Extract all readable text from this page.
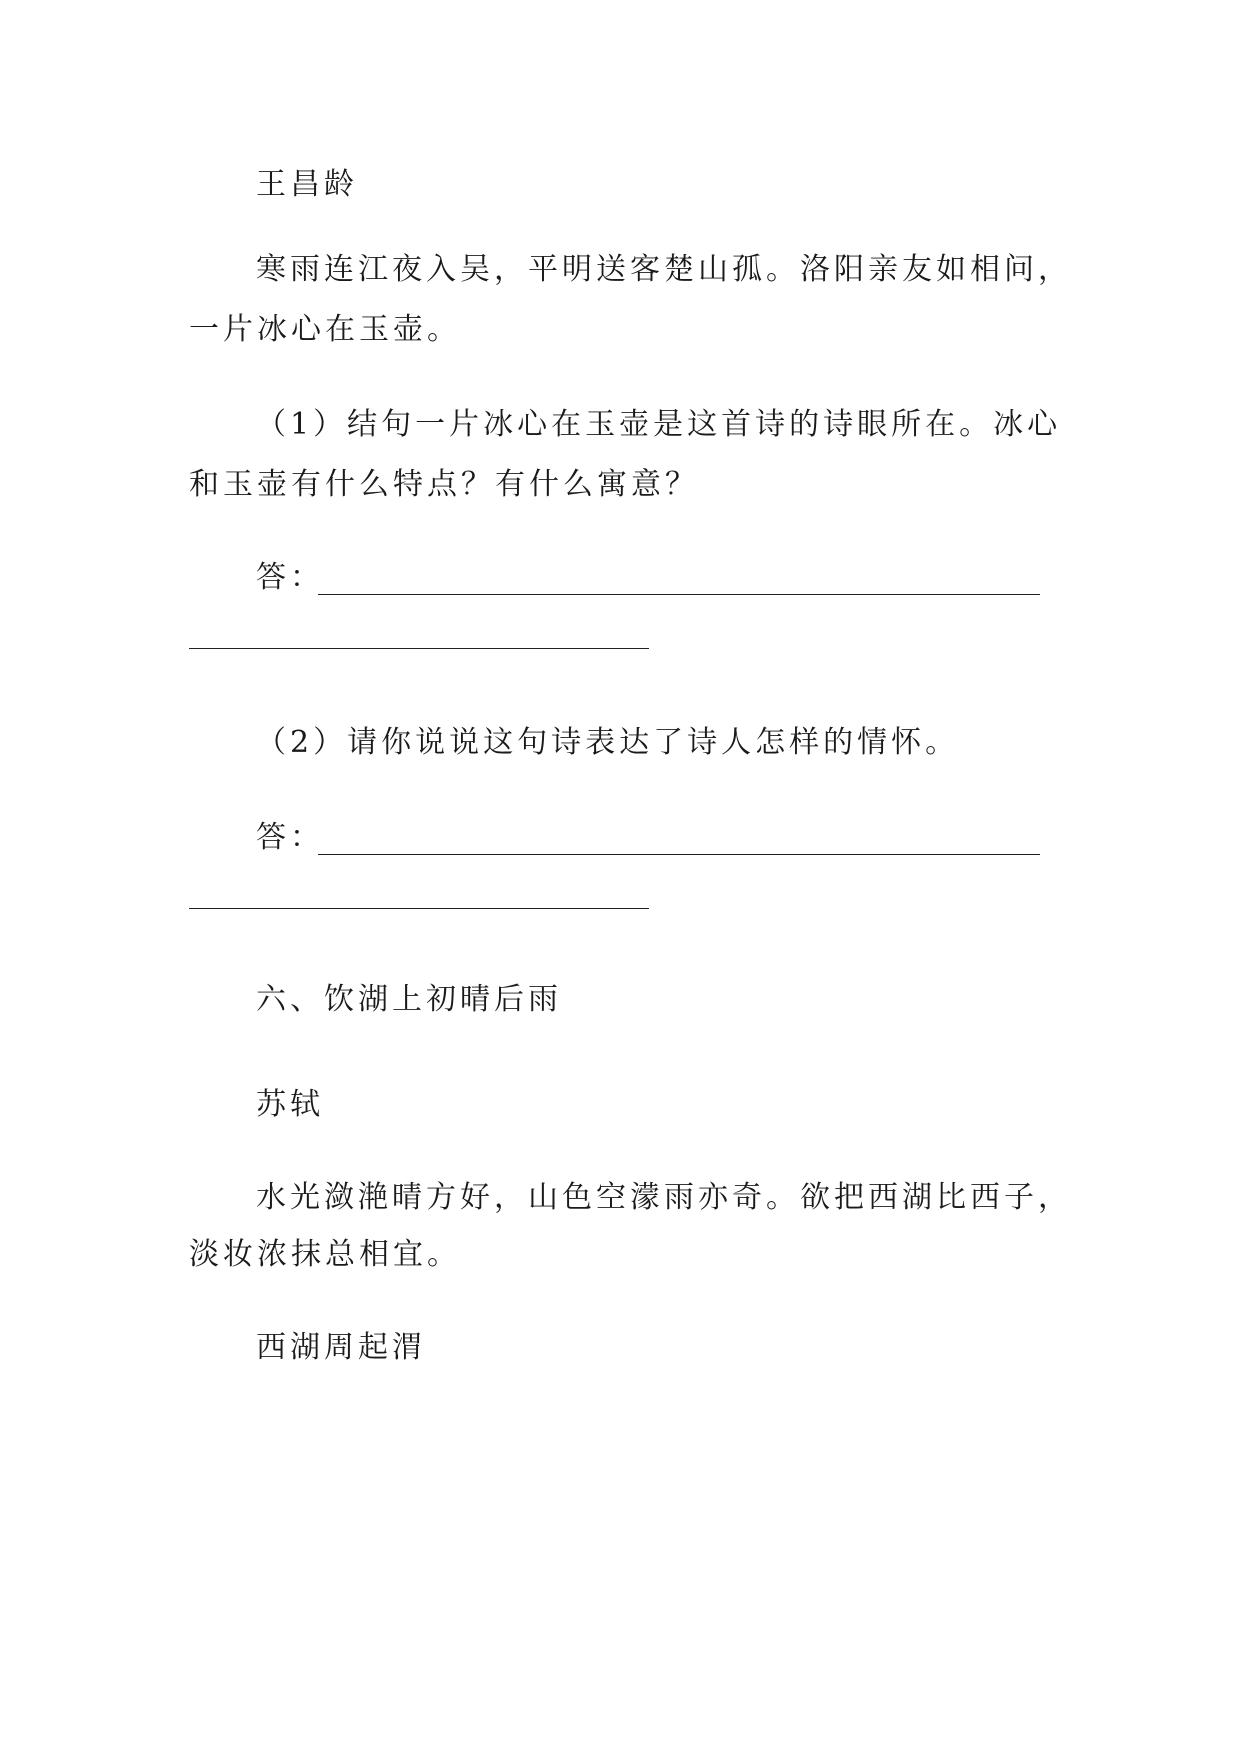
王昌龄
寒雨连江夜入吴，平明送客楚山孤。洛阳亲友如相问，
一片冰心在玉壶。
（1）结句一片冰心在玉壶是这首诗的诗眼所在。冰心
和玉壶有什么特点？有什么寓意？
答：
（2）请你说说这句诗表达了诗人怎样的情怀。
答：
六、饮湖上初晴后雨
苏轼
水光潋滟晴方好，山色空濛雨亦奇。欲把西湖比西子，
淡妆浓抹总相宜。
西湖周起渭
